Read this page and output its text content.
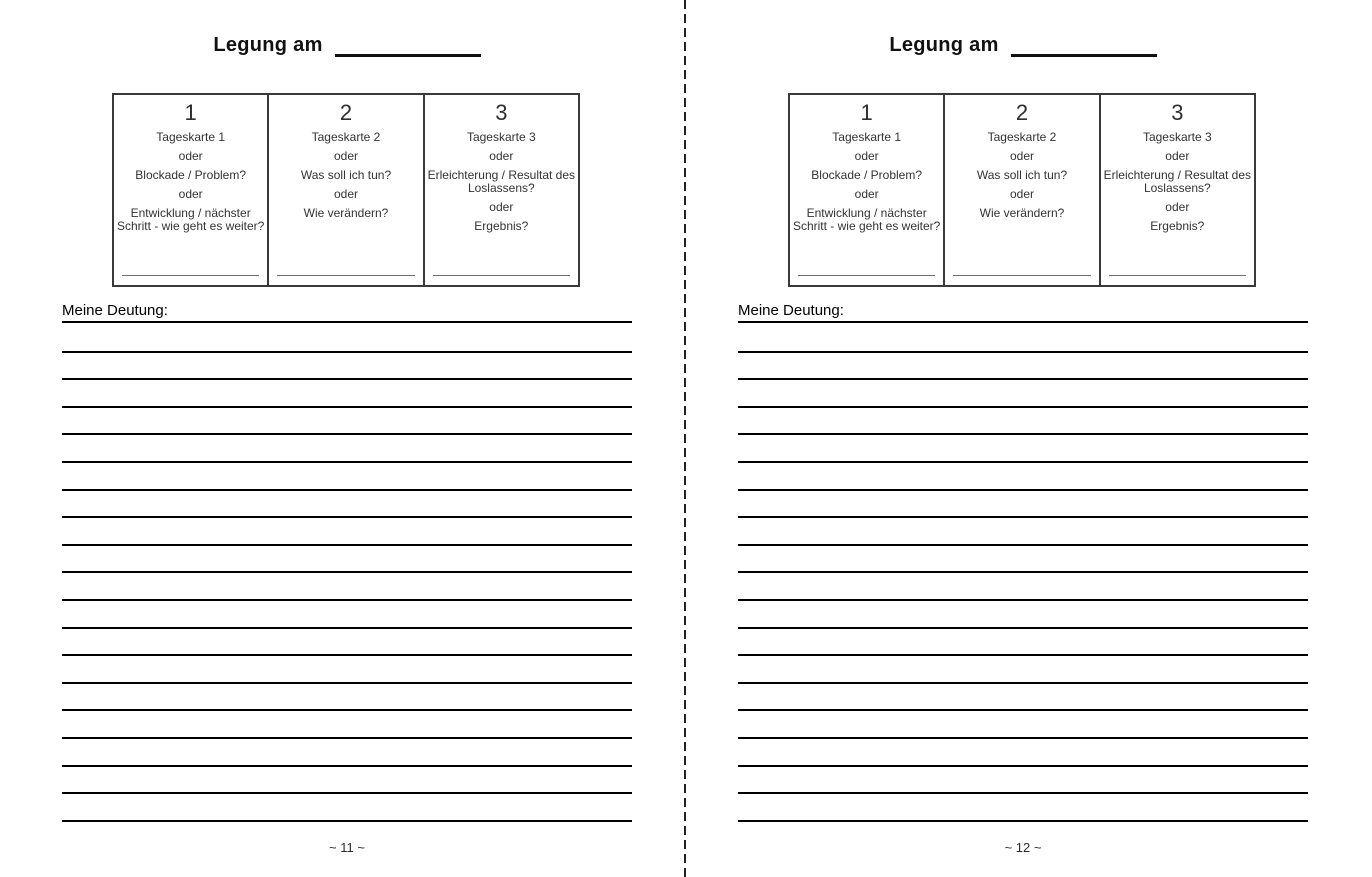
Legung am
1

Tageskarte 1

oder

Blockade / Problem?

oder

Entwicklung / nächster Schritt - wie geht es weiter?

2

Tageskarte 2

oder

Was soll ich tun?

oder

Wie verändern?

3

Tageskarte 3

oder

Erleichterung / Resultat des Loslassens?

oder

Ergebnis?

Meine Deutung:
~ 11 ~
Legung am
1

Tageskarte 1

oder

Blockade / Problem?

oder

Entwicklung / nächster Schritt - wie geht es weiter?

2

Tageskarte 2

oder

Was soll ich tun?

oder

Wie verändern?

3

Tageskarte 3

oder

Erleichterung / Resultat des Loslassens?

oder

Ergebnis?

Meine Deutung:
~ 12 ~
